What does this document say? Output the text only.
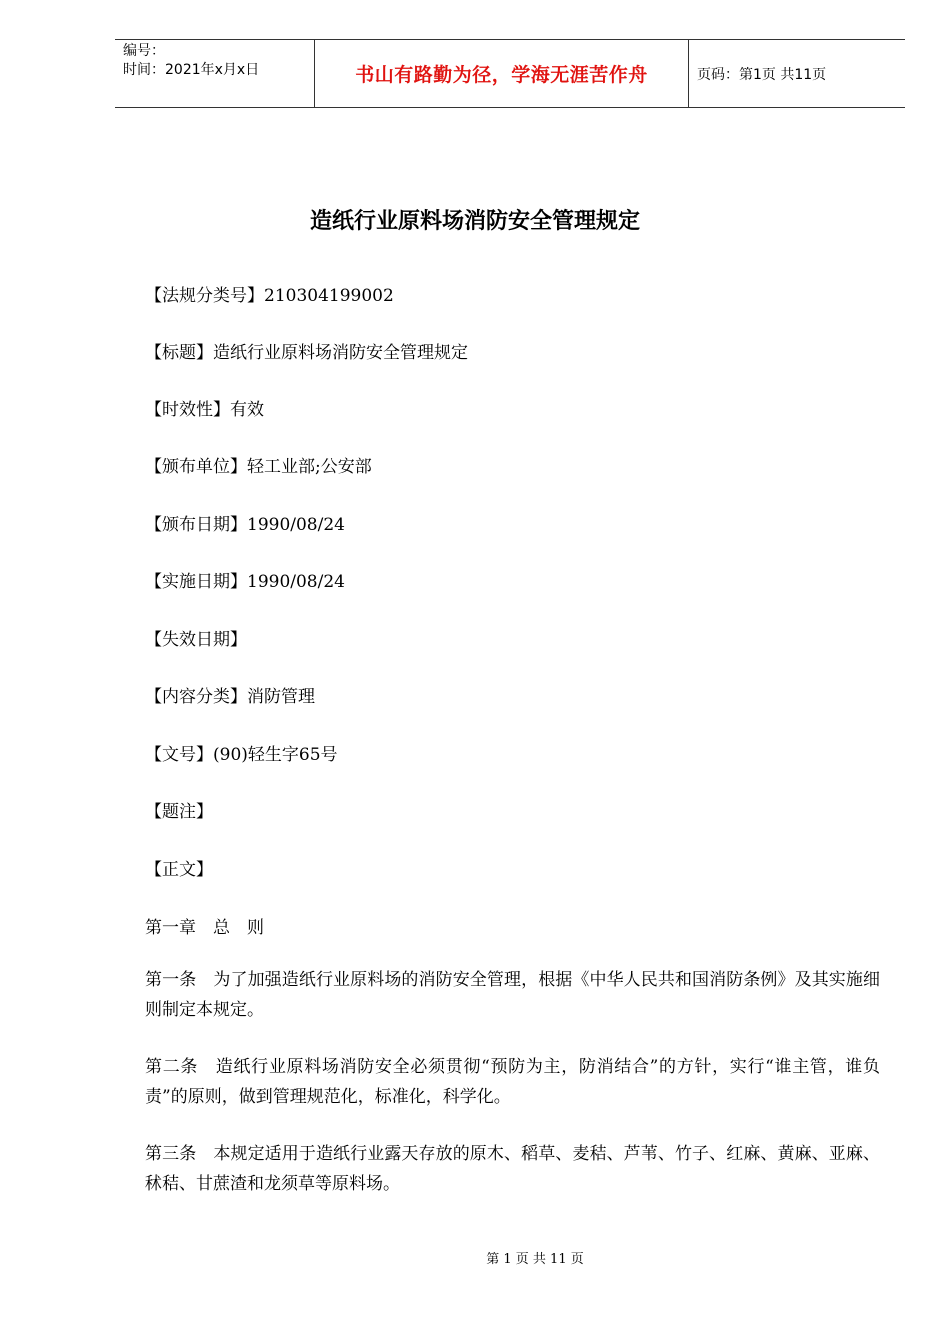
编号：
时间：2021年x月x日	书山有路勤为径，学海无涯苦作舟	页码：第1页 共11页
造纸行业原料场消防安全管理规定
【法规分类号】210304199002
【标题】造纸行业原料场消防安全管理规定
【时效性】有效
【颁布单位】轻工业部;公安部
【颁布日期】1990/08/24
【实施日期】1990/08/24
【失效日期】
【内容分类】消防管理
【文号】(90)轻生字65号
【题注】
【正文】
第一章　总　则
第一条　为了加强造纸行业原料场的消防安全管理，根据《中华人民共和国消防条例》及其实施细则制定本规定。
第二条　造纸行业原料场消防安全必须贯彻“预防为主，防消结合”的方针，实行“谁主管，谁负责”的原则，做到管理规范化，标准化，科学化。
第三条　本规定适用于造纸行业露天存放的原木、稻草、麦秸、芦苇、竹子、红麻、黄麻、亚麻、秫秸、甘蔗渣和龙须草等原料场。
第 1 页 共 11 页
